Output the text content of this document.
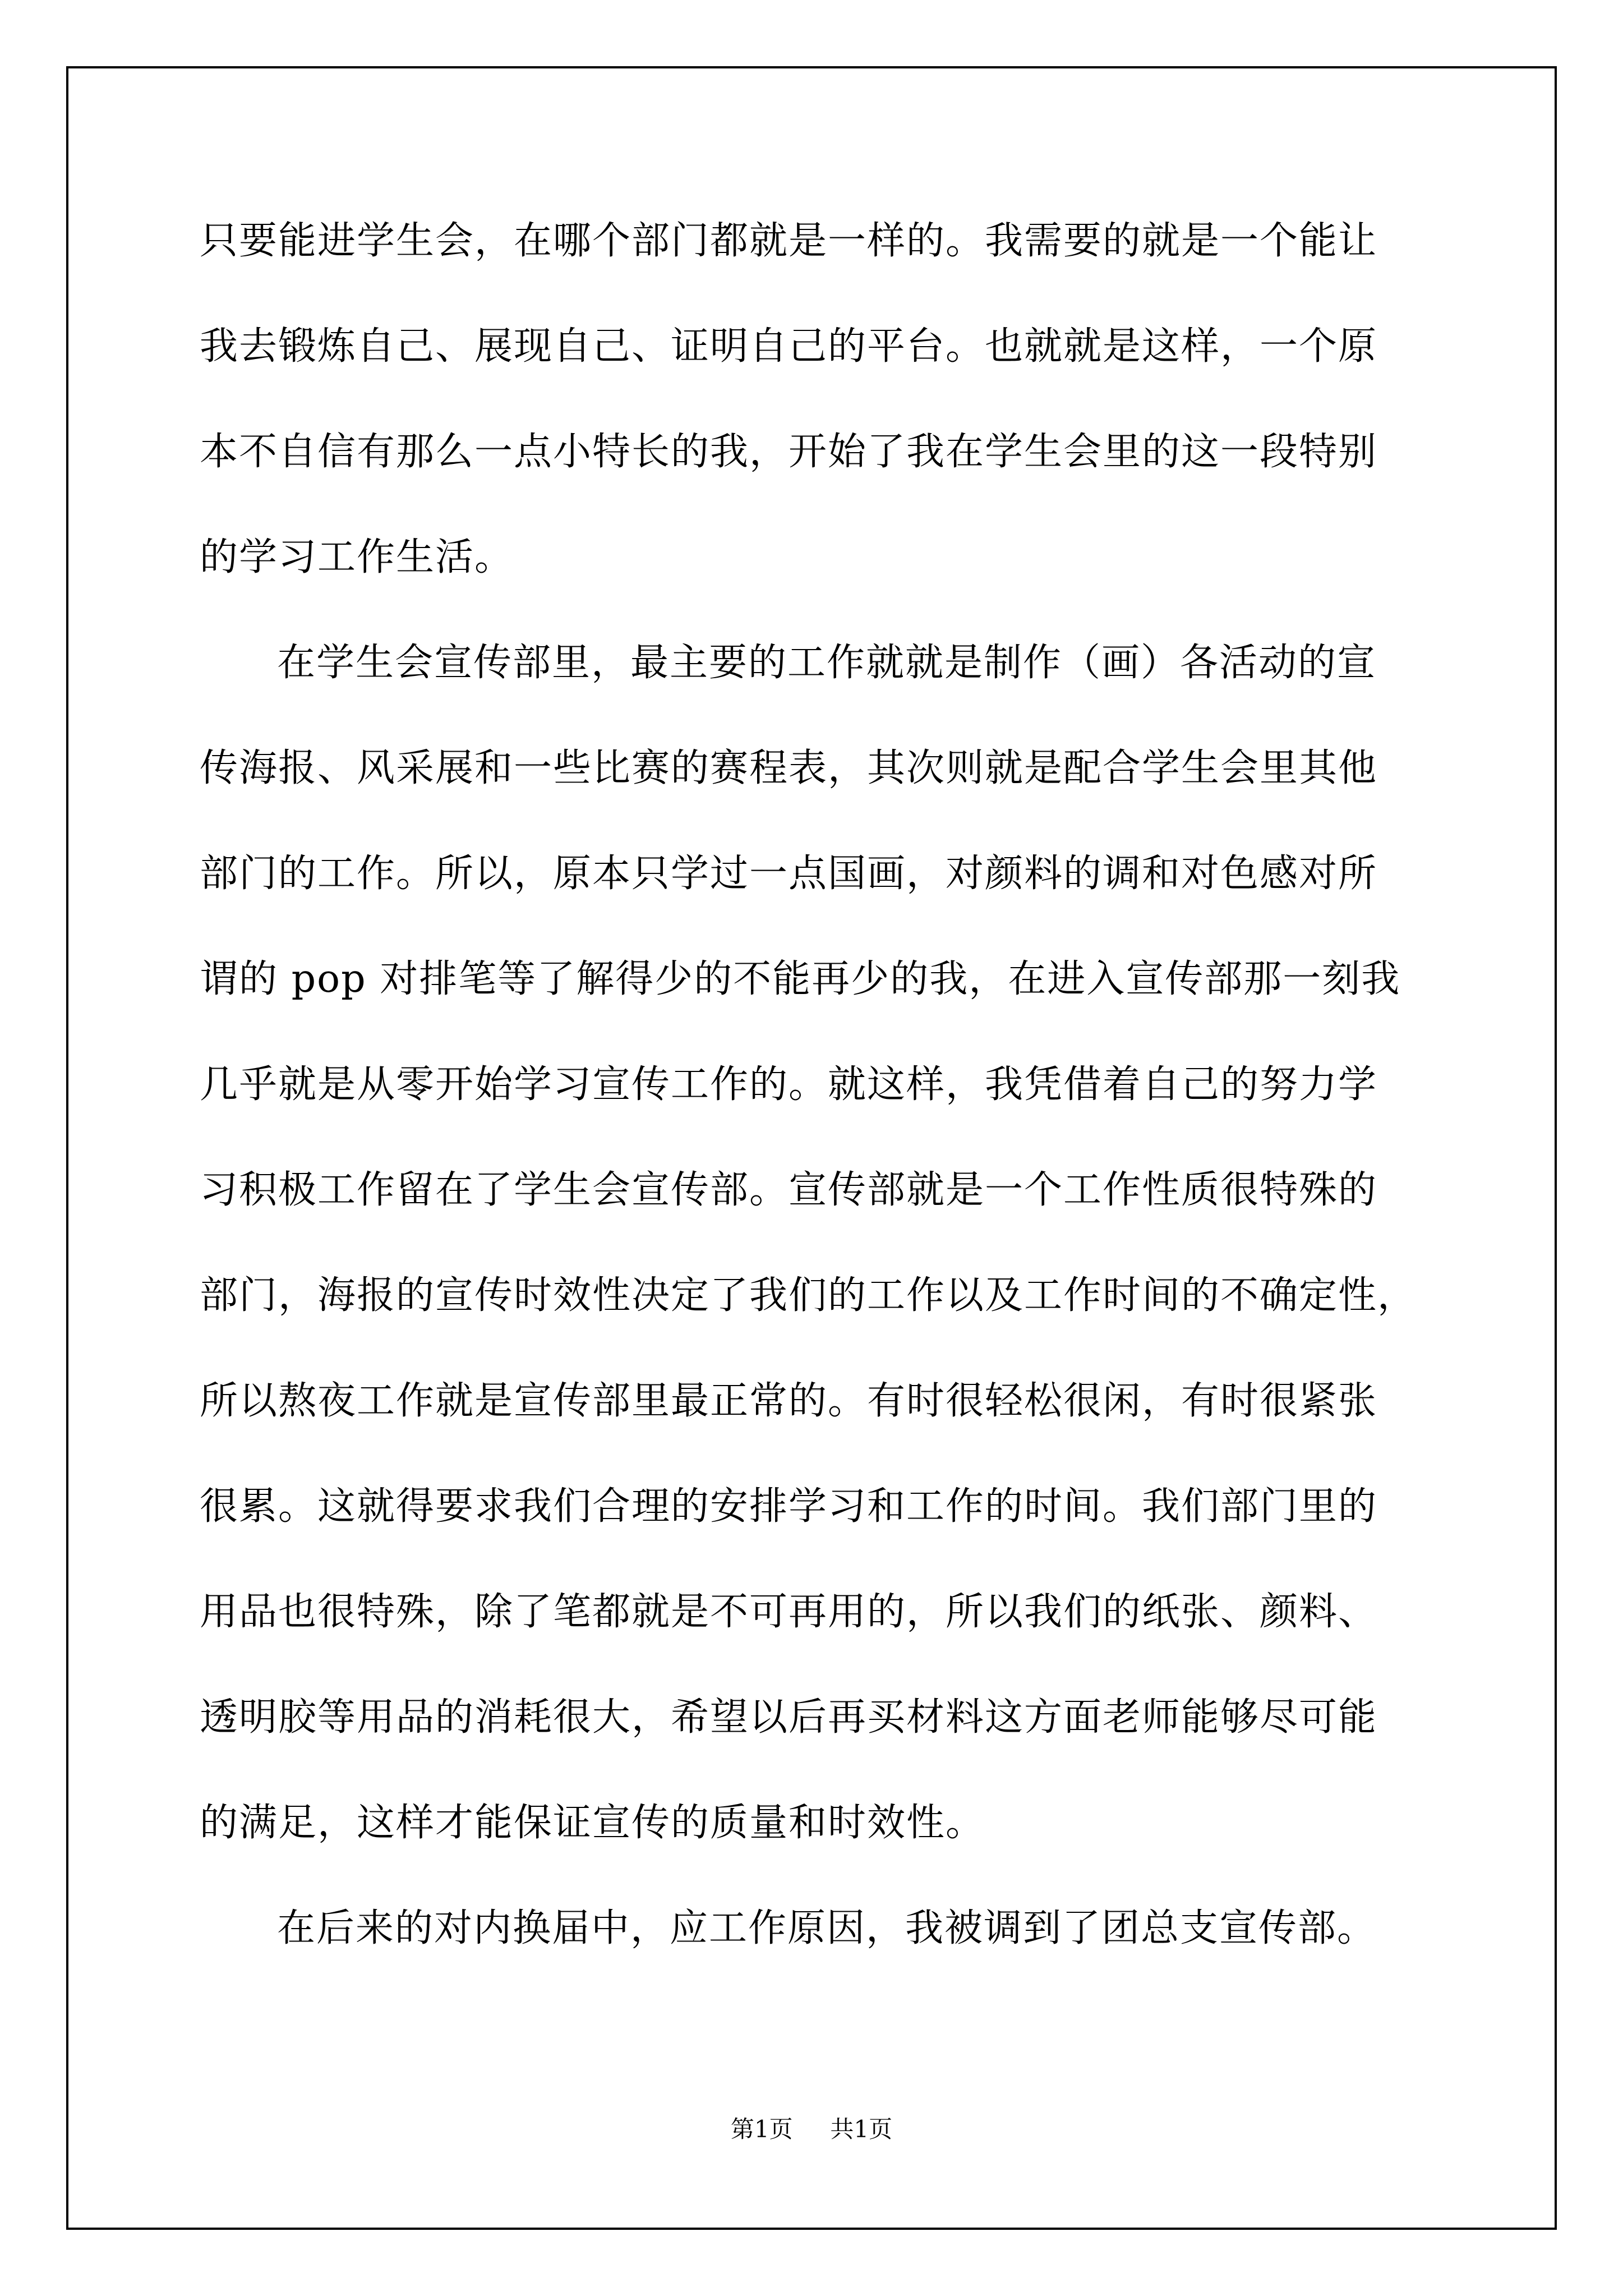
只要能进学生会，在哪个部门都就是一样的。我需要的就是一个能让
我去锻炼自己、展现自己、证明自己的平台。也就就是这样，一个原
本不自信有那么一点小特长的我，开始了我在学生会里的这一段特别
的学习工作生活。
在学生会宣传部里，最主要的工作就就是制作（画）各活动的宣
传海报、风采展和一些比赛的赛程表，其次则就是配合学生会里其他
部门的工作。所以，原本只学过一点国画，对颜料的调和对色感对所
谓的 pop 对排笔等了解得少的不能再少的我，在进入宣传部那一刻我
几乎就是从零开始学习宣传工作的。就这样，我凭借着自己的努力学
习积极工作留在了学生会宣传部。宣传部就是一个工作性质很特殊的
部门，海报的宣传时效性决定了我们的工作以及工作时间的不确定性，
所以熬夜工作就是宣传部里最正常的。有时很轻松很闲，有时很紧张
很累。这就得要求我们合理的安排学习和工作的时间。我们部门里的
用品也很特殊，除了笔都就是不可再用的，所以我们的纸张、颜料、
透明胶等用品的消耗很大，希望以后再买材料这方面老师能够尽可能
的满足，这样才能保证宣传的质量和时效性。
在后来的对内换届中，应工作原因，我被调到了团总支宣传部。
第1页 共1页
